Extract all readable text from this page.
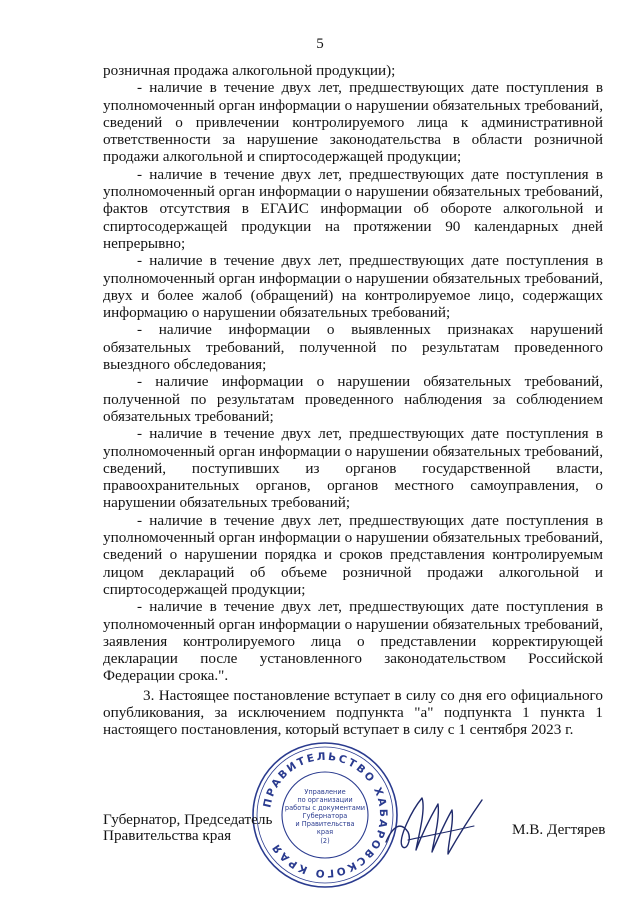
5

розничная продажа алкогольной продукции);

- наличие в течение двух лет, предшествующих дате поступления в уполномоченный орган информации о нарушении обязательных требований, сведений о привлечении контролируемого лица к административной ответственности за нарушение законодательства в области розничной продажи алкогольной и спиртосодержащей продукции;

- наличие в течение двух лет, предшествующих дате поступления в уполномоченный орган информации о нарушении обязательных требований, фактов отсутствия в ЕГАИС информации об обороте алкогольной и спиртосодержащей продукции на протяжении 90 календарных дней непрерывно;

- наличие в течение двух лет, предшествующих дате поступления в уполномоченный орган информации о нарушении обязательных требований, двух и более жалоб (обращений) на контролируемое лицо, содержащих информацию о нарушении обязательных требований;

- наличие информации о выявленных признаках нарушений обязательных требований, полученной по результатам проведенного выездного обследования;

- наличие информации о нарушении обязательных требований, полученной по результатам проведенного наблюдения за соблюдением обязательных требований;

- наличие в течение двух лет, предшествующих дате поступления в уполномоченный орган информации о нарушении обязательных требований, сведений, поступивших из органов государственной власти, правоохранительных органов, органов местного самоуправления, о нарушении обязательных требований;

- наличие в течение двух лет, предшествующих дате поступления в уполномоченный орган информации о нарушении обязательных требований, сведений о нарушении порядка и сроков представления контролируемым лицом деклараций об объеме розничной продажи алкогольной и спиртосодержащей продукции;

- наличие в течение двух лет, предшествующих дате поступления в уполномоченный орган информации о нарушении обязательных требований, заявления контролируемого лица о представлении корректирующей декларации после установленного законодательством Российской Федерации срока.".

3. Настоящее постановление вступает в силу со дня его официального опубликования, за исключением подпункта "а" подпункта 1 пункта 1 настоящего постановления, который вступает в силу с 1 сентября 2023 г.

ПРАВИТЕЛЬСТВО ХАБАРОВСКОГО КРАЯ
Управление
по организации
работы с документами
Губернатора
и Правительства
края
(2)
Губернатор, Председатель
Правительства края	М.В. Дегтярев
